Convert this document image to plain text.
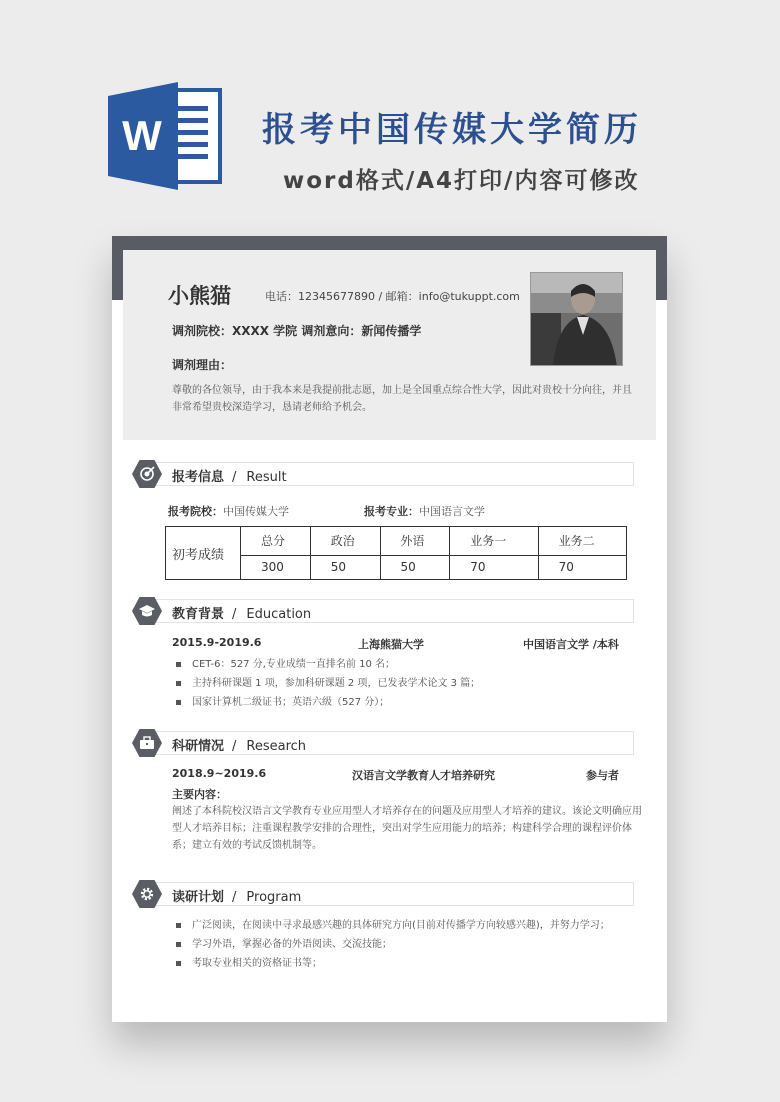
W	报考中国传媒大学简历
word格式/A4打印/内容可修改
小熊猫	电话：12345677890 / 邮箱：info@tukuppt.com
调剂院校：XXXX 学院 调剂意向：新闻传播学
调剂理由：
尊敬的各位领导，由于我本来是我提前批志愿，加上是全国重点综合性大学，因此对贵校十分向往，并且非常希望贵校深造学习，恳请老师给予机会。
报考信息 / Result
报考院校：中国传媒大学	报考专业：中国语言文学
初考成绩	总分	政治	外语	业务一	业务二
	300	50	50	70	70
教育背景 / Education
2015.9-2019.6	上海熊猫大学	中国语言文学 /本科
CET-6：527 分,专业成绩一直排名前 10 名；
主持科研课题 1 项，参加科研课题 2 项，已发表学术论文 3 篇；
国家计算机二级证书；英语六级（527 分）；
科研情况 / Research
2018.9~2019.6	汉语言文学教育人才培养研究	参与者
主要内容：
阐述了本科院校汉语言文学教育专业应用型人才培养存在的问题及应用型人才培养的建议。该论文明确应用型人才培养目标；注重课程教学安排的合理性，突出对学生应用能力的培养；构建科学合理的课程评价体系；建立有效的考试反馈机制等。
读研计划 / Program
广泛阅读，在阅读中寻求最感兴趣的具体研究方向(目前对传播学方向较感兴趣)，并努力学习；
学习外语，掌握必备的外语阅读、交流技能；
考取专业相关的资格证书等；
